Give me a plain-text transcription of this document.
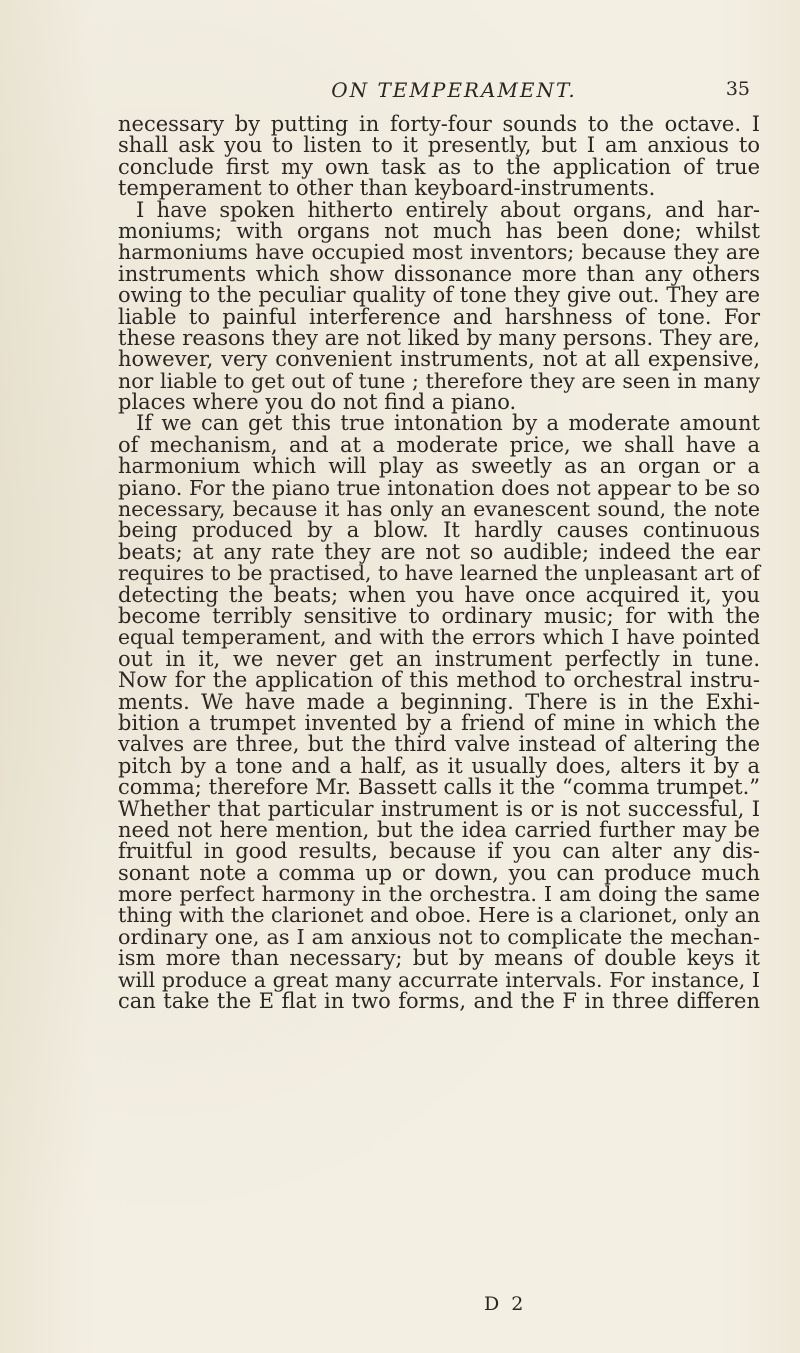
ON TEMPERAMENT.	35
necessary by putting in forty-four sounds to the octave. I
shall ask you to listen to it presently, but I am anxious to
conclude first my own task as to the application of true
temperament to other than keyboard-instruments.
I have spoken hitherto entirely about organs, and har-
moniums; with organs not much has been done; whilst
harmoniums have occupied most inventors; because they are
instruments which show dissonance more than any others
owing to the peculiar quality of tone they give out. They are
liable to painful interference and harshness of tone. For
these reasons they are not liked by many persons. They are,
however, very convenient instruments, not at all expensive,
nor liable to get out of tune ; therefore they are seen in many
places where you do not find a piano.
If we can get this true intonation by a moderate amount
of mechanism, and at a moderate price, we shall have a
harmonium which will play as sweetly as an organ or a
piano. For the piano true intonation does not appear to be so
necessary, because it has only an evanescent sound, the note
being produced by a blow. It hardly causes continuous
beats; at any rate they are not so audible; indeed the ear
requires to be practised, to have learned the unpleasant art of
detecting the beats; when you have once acquired it, you
become terribly sensitive to ordinary music; for with the
equal temperament, and with the errors which I have pointed
out in it, we never get an instrument perfectly in tune.
Now for the application of this method to orchestral instru-
ments. We have made a beginning. There is in the Exhi-
bition a trumpet invented by a friend of mine in which the
valves are three, but the third valve instead of altering the
pitch by a tone and a half, as it usually does, alters it by a
comma; therefore Mr. Bassett calls it the “comma trumpet.”
Whether that particular instrument is or is not successful, I
need not here mention, but the idea carried further may be
fruitful in good results, because if you can alter any dis-
sonant note a comma up or down, you can produce much
more perfect harmony in the orchestra. I am doing the same
thing with the clarionet and oboe. Here is a clarionet, only an
ordinary one, as I am anxious not to complicate the mechan-
ism more than necessary; but by means of double keys it
will produce a great many accurrate intervals. For instance, I
can take the E flat in two forms, and the F in three differen
D 2
